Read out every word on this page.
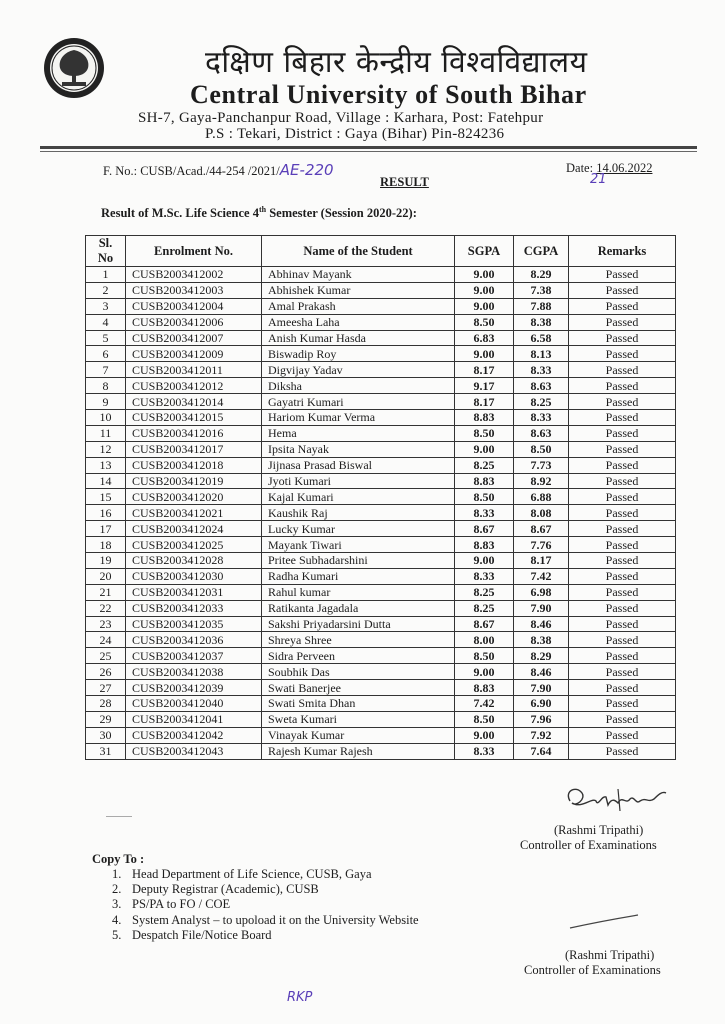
दक्षिण बिहार केन्द्रीय विश्वविद्यालय
Central University of South Bihar
SH-7, Gaya-Panchanpur Road, Village : Karhara, Post: Fatehpur
P.S : Tekari, District : Gaya (Bihar) Pin-824236
F. No.: CUSB/Acad./44-254 /2021/AE-220	Date: 14.06.2022
21
RESULT
Result of M.Sc. Life Science 4th Semester (Session 2020-22):
Sl. No	Enrolment No.	Name of the Student	SGPA	CGPA	Remarks
1	CUSB2003412002	Abhinav Mayank	9.00	8.29	Passed
2	CUSB2003412003	Abhishek Kumar	9.00	7.38	Passed
3	CUSB2003412004	Amal Prakash	9.00	7.88	Passed
4	CUSB2003412006	Ameesha Laha	8.50	8.38	Passed
5	CUSB2003412007	Anish Kumar Hasda	6.83	6.58	Passed
6	CUSB2003412009	Biswadip Roy	9.00	8.13	Passed
7	CUSB2003412011	Digvijay Yadav	8.17	8.33	Passed
8	CUSB2003412012	Diksha	9.17	8.63	Passed
9	CUSB2003412014	Gayatri Kumari	8.17	8.25	Passed
10	CUSB2003412015	Hariom Kumar Verma	8.83	8.33	Passed
11	CUSB2003412016	Hema	8.50	8.63	Passed
12	CUSB2003412017	Ipsita Nayak	9.00	8.50	Passed
13	CUSB2003412018	Jijnasa Prasad Biswal	8.25	7.73	Passed
14	CUSB2003412019	Jyoti Kumari	8.83	8.92	Passed
15	CUSB2003412020	Kajal Kumari	8.50	6.88	Passed
16	CUSB2003412021	Kaushik Raj	8.33	8.08	Passed
17	CUSB2003412024	Lucky Kumar	8.67	8.67	Passed
18	CUSB2003412025	Mayank Tiwari	8.83	7.76	Passed
19	CUSB2003412028	Pritee Subhadarshini	9.00	8.17	Passed
20	CUSB2003412030	Radha Kumari	8.33	7.42	Passed
21	CUSB2003412031	Rahul kumar	8.25	6.98	Passed
22	CUSB2003412033	Ratikanta Jagadala	8.25	7.90	Passed
23	CUSB2003412035	Sakshi Priyadarsini Dutta	8.67	8.46	Passed
24	CUSB2003412036	Shreya Shree	8.00	8.38	Passed
25	CUSB2003412037	Sidra Perveen	8.50	8.29	Passed
26	CUSB2003412038	Soubhik Das	9.00	8.46	Passed
27	CUSB2003412039	Swati Banerjee	8.83	7.90	Passed
28	CUSB2003412040	Swati Smita Dhan	7.42	6.90	Passed
29	CUSB2003412041	Sweta Kumari	8.50	7.96	Passed
30	CUSB2003412042	Vinayak Kumar	9.00	7.92	Passed
31	CUSB2003412043	Rajesh Kumar Rajesh	8.33	7.64	Passed
(Rashmi Tripathi)
Controller of Examinations
Copy To :
1. Head Department of Life Science, CUSB, Gaya
2. Deputy Registrar (Academic), CUSB
3. PS/PA to FO / COE
4. System Analyst – to upoload it on the University Website
5. Despatch File/Notice Board
(Rashmi Tripathi)
Controller of Examinations
RKP
